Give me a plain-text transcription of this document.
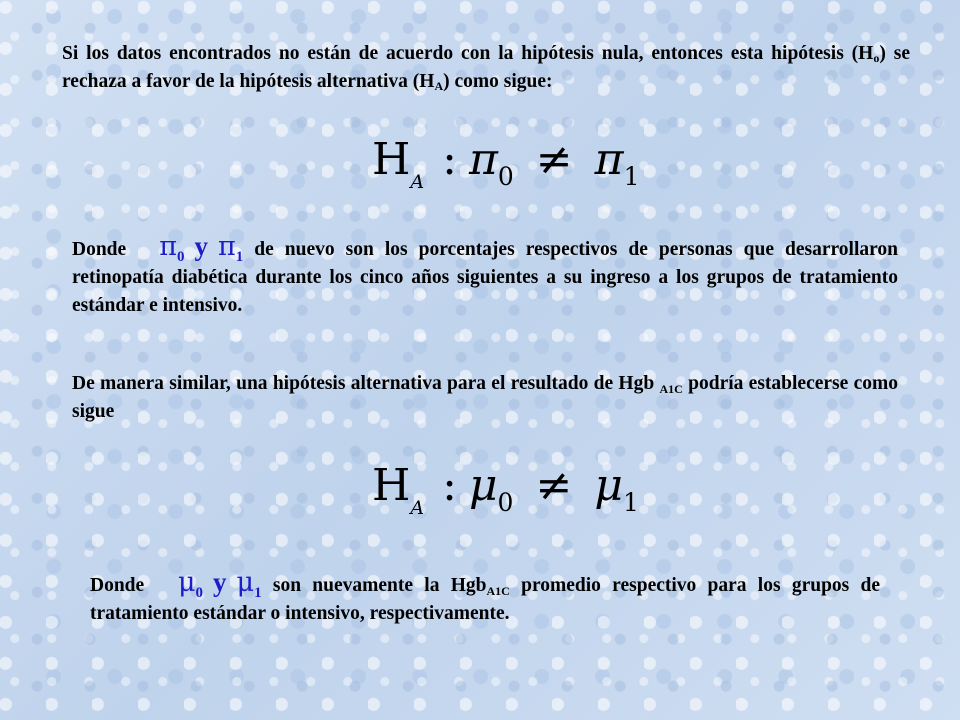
Si los datos encontrados no están de acuerdo con la hipótesis nula, entonces esta hipótesis (Ho) se rechaza a favor de la hipótesis alternativa (HA) como sigue:

$H_A$ : $\pi_0 \ne \pi_1$

Donde $\pi_0$ y $\pi_1$ de nuevo son los porcentajes respectivos de personas que desarrollaron retinopatía diabética durante los cinco años siguientes a su ingreso a los grupos de tratamiento estándar e intensivo.

De manera similar, una hipótesis alternativa para el resultado de Hgb $_{A1C}$ podría establecerse como sigue

$H_A$ : $\mu_0 \ne \mu_1$

Donde $\mu_0$ y $\mu_1$ son nuevamente la Hgb$_{A1C}$ promedio respectivo para los grupos de tratamiento estándar o intensivo, respectivamente.
